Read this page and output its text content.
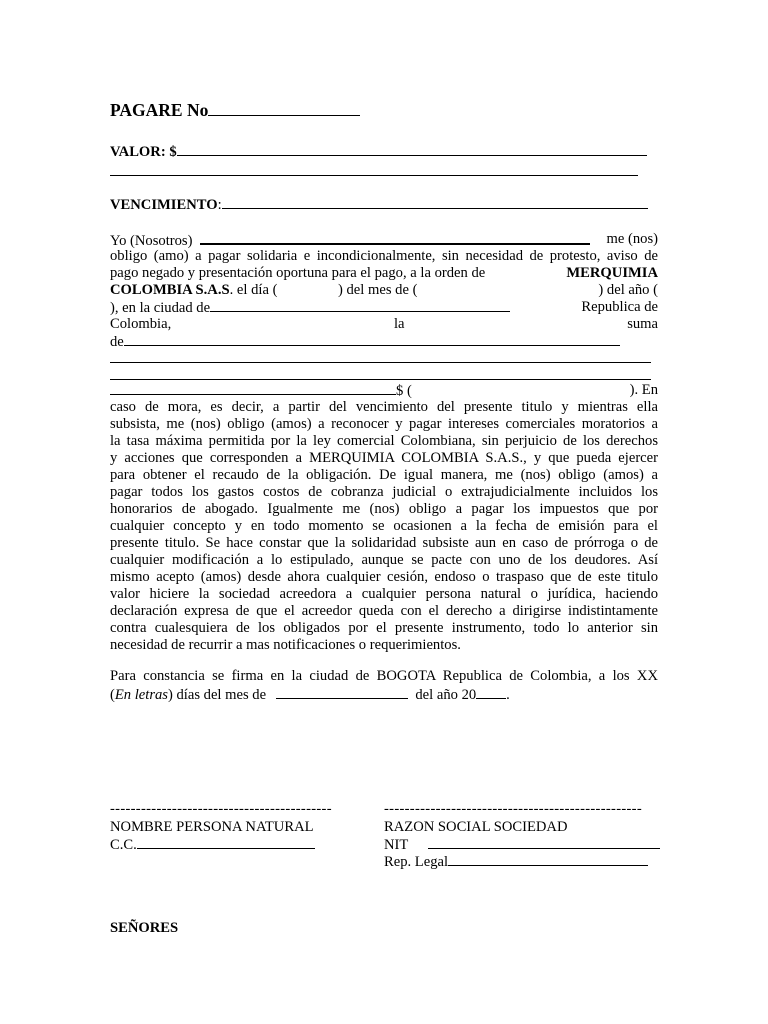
PAGARE No
VALOR: $
VENCIMIENTO:
Yo (Nosotros)	me (nos)
obligo (amo) a pagar solidaria e incondicionalmente, sin necesidad de protesto, aviso de
pago negado y presentación oportuna para el pago, a la orden de	MERQUIMIA
COLOMBIA S.A.S. el día (	) del mes de (	) del año (
), en la ciudad de	Republica de
Colombia,	la	suma
de
$ (	). En
caso de mora, es decir, a partir del vencimiento del presente titulo y mientras ella
subsista, me (nos) obligo (amos) a reconocer y pagar intereses comerciales moratorios a
la tasa máxima permitida por la ley comercial Colombiana, sin perjuicio de los derechos
y acciones que corresponden a MERQUIMIA COLOMBIA S.A.S., y que pueda ejercer
para obtener el recaudo de la obligación. De igual manera, me (nos) obligo (amos) a
pagar todos los gastos costos de cobranza judicial o extrajudicialmente incluidos los
honorarios de abogado. Igualmente me (nos) obligo a pagar los impuestos que por
cualquier concepto y en todo momento se ocasionen a la fecha de emisión para el
presente titulo. Se hace constar que la solidaridad subsiste aun en caso de prórroga o de
cualquier modificación a lo estipulado, aunque se pacte con uno de los deudores. Así
mismo acepto (amos) desde ahora cualquier cesión, endoso o traspaso que de este titulo
valor hiciere la sociedad acreedora a cualquier persona natural o jurídica, haciendo
declaración expresa de que el acreedor queda con el derecho a dirigirse indistintamente
contra cualesquiera de los obligados por el presente instrumento, todo lo anterior sin
necesidad de recurrir a mas notificaciones o requerimientos.
Para constancia se firma en la ciudad de BOGOTA Republica de Colombia, a los XX
(En letras) días del mes de	del año 20 .
-------------------------------------------
NOMBRE PERSONA NATURAL
C.C.
--------------------------------------------------
RAZON SOCIAL SOCIEDAD
NIT
Rep. Legal
SEÑORES
